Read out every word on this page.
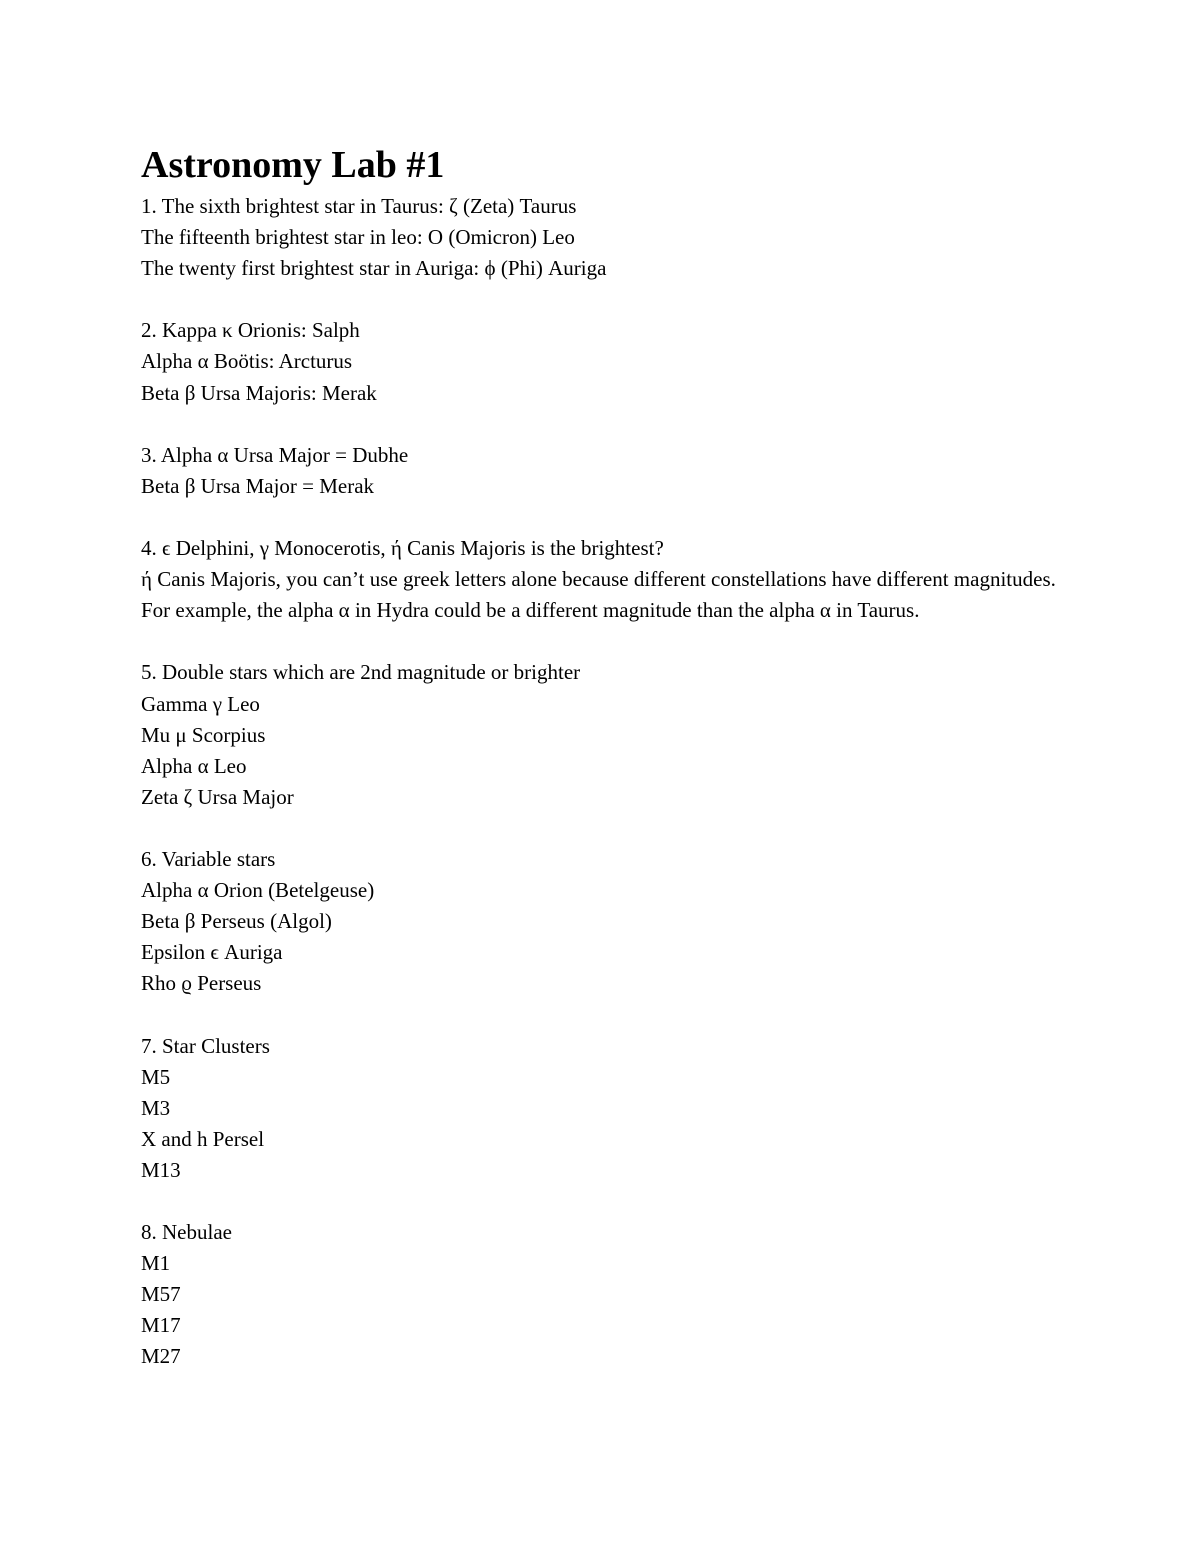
Astronomy Lab #1
1. The sixth brightest star in Taurus: ζ (Zeta) Taurus
The fifteenth brightest star in leo: O (Omicron) Leo
The twenty first brightest star in Auriga: ϕ (Phi) Auriga
2. Kappa κ Orionis: Salph
Alpha α Boötis: Arcturus
Beta β Ursa Majoris: Merak
3. Alpha α Ursa Major = Dubhe
Beta β Ursa Major = Merak
4. ϵ Delphini, γ Monocerotis, ή Canis Majoris is the brightest?
ή Canis Majoris, you can’t use greek letters alone because different constellations have different magnitudes. For example, the alpha α in Hydra could be a different magnitude than the alpha α in Taurus.
5. Double stars which are 2nd magnitude or brighter
Gamma γ Leo
Mu μ Scorpius
Alpha α Leo
Zeta ζ Ursa Major
6. Variable stars
Alpha α Orion (Betelgeuse)
Beta β Perseus (Algol)
Epsilon ϵ Auriga
Rho ϱ Perseus
7. Star Clusters
M5
M3
X and h Persel
M13
8. Nebulae
M1
M57
M17
M27
